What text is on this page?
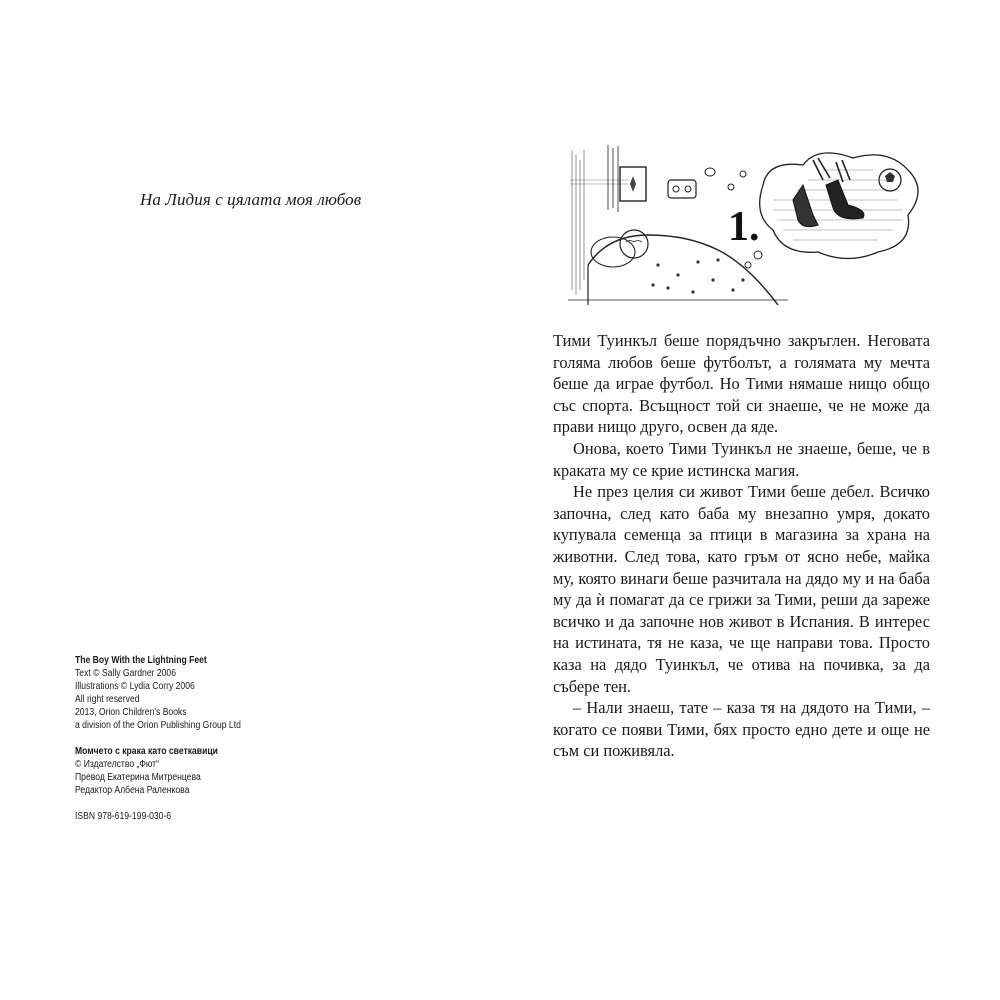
На Лидия с цялата моя любов
The Boy With the Lightning Feet
Text © Sally Gardner 2006
Illustrations © Lydia Corry 2006
All right reserved
2013, Orion Children's Books
a division of the Orion Publishing Group Ltd
Момчето с крака като светкавици
© Издателство „Фют“
Превод Екатерина Митренцева
Редактор Албена Раленкова
ISBN 978-619-199-030-6
1.

Тими Туинкъл беше порядъчно закръглен. Неговата голяма любов беше футболът, а голямата му мечта беше да играе футбол. Но Тими нямаше нищо общо със спорта. Всъщност той си знаеше, че не може да прави нищо друго, освен да яде.

Онова, което Тими Туинкъл не знаеше, беше, че в краката му се крие истинска магия.

Не през целия си живот Тими беше дебел. Всичко започна, след като баба му внезапно умря, докато купувала семенца за птици в магазина за храна на животни. След това, като гръм от ясно небе, майка му, която винаги беше разчитала на дядо му и на баба му да ѝ помагат да се грижи за Тими, реши да зареже всичко и да започне нов живот в Испания. В интерес на истината, тя не каза, че ще направи това. Просто каза на дядо Туинкъл, че отива на почивка, за да събере тен.

– Нали знаеш, тате – каза тя на дядото на Тими, – когато се появи Тими, бях просто едно дете и още не съм си поживяла.
